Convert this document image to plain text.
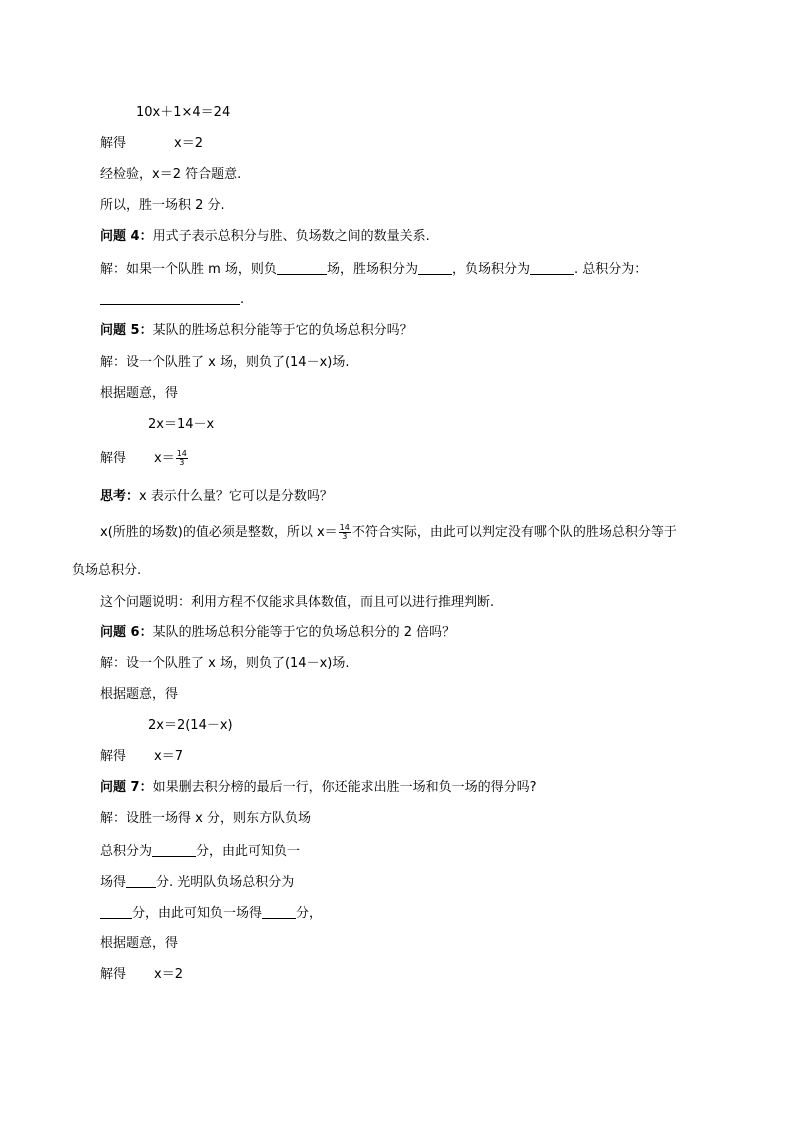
10x＋1×4＝24
解得	x＝2
经检验，x＝2 符合题意.
所以，胜一场积 2 分.
问题 4：用式子表示总积分与胜、负场数之间的数量关系.
解：如果一个队胜 m 场，则负	场，胜场积分为	，负场积分为	. 总积分为：
.
问题 5：某队的胜场总积分能等于它的负场总积分吗？
解：设一个队胜了 x 场，则负了(14－x)场.
根据题意，得
2x＝14－x
解得 $x= \frac{14}{3}$
思考：x 表示什么量？它可以是分数吗？
x(所胜的场数)的值必须是整数，所以 $x= \frac{14}{3}$ 不符合实际，由此可以判定没有哪个队的胜场总积分等于
负场总积分.
这个问题说明：利用方程不仅能求具体数值，而且可以进行推理判断.
问题 6：某队的胜场总积分能等于它的负场总积分的 2 倍吗？
解：设一个队胜了 x 场，则负了(14－x)场.
根据题意，得
2x＝2(14－x)
解得 x＝7
问题 7：如果删去积分榜的最后一行，你还能求出胜一场和负一场的得分吗?
解：设胜一场得 x 分，则东方队负场
总积分为	分，由此可知负一
场得 分. 光明队负场总积分为
分，由此可知负一场得	分，
根据题意，得
解得 x＝2
